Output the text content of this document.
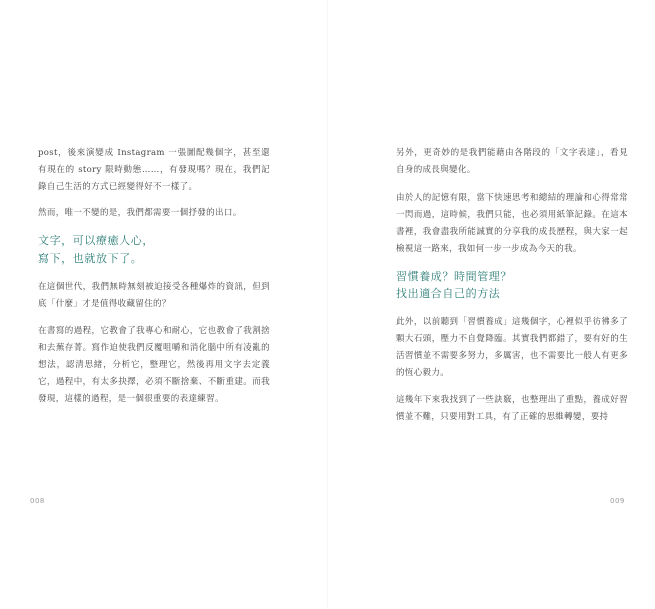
post，後來演變成 Instagram 一張圖配幾個字，甚至還有現在的 story 限時動態……，有發現嗎？現在，我們記錄自己生活的方式已經變得好不一樣了。

然而，唯一不變的是，我們都需要一個抒發的出口。

文字，可以療癒人心，
寫下，也就放下了。

在這個世代，我們無時無刻被迫接受各種爆炸的資訊，但到底「什麼」才是值得收藏留住的？

在書寫的過程，它教會了我專心和耐心，它也教會了我割捨和去蕪存菁。寫作迫使我們反覆咀嚼和消化腦中所有凌亂的想法，認清思緒，分析它，整理它，然後再用文字去定義它，過程中，有太多抉擇，必須不斷捨棄、不斷重建。而我發現，這樣的過程，是一個很重要的表達練習。

008

另外，更奇妙的是我們能藉由各階段的「文字表達」，看見自身的成長與變化。

由於人的記憶有限，當下快速思考和總結的理論和心得常常一閃而過，這時候，我們只能，也必須用紙筆記錄。在這本書裡，我會盡我所能誠實的分享我的成長歷程，與大家一起檢視這一路來，我如何一步一步成為今天的我。

習慣養成？時間管理？
找出適合自己的方法

此外，以前聽到「習慣養成」這幾個字，心裡似乎彷彿多了顆大石頭，壓力不自覺降臨。其實我們都錯了，要有好的生活習慣並不需要多努力，多厲害，也不需要比一般人有更多的恆心毅力。

這幾年下來我找到了一些訣竅，也整理出了重點，養成好習慣並不難，只要用對工具，有了正確的思維轉變，要持

009
